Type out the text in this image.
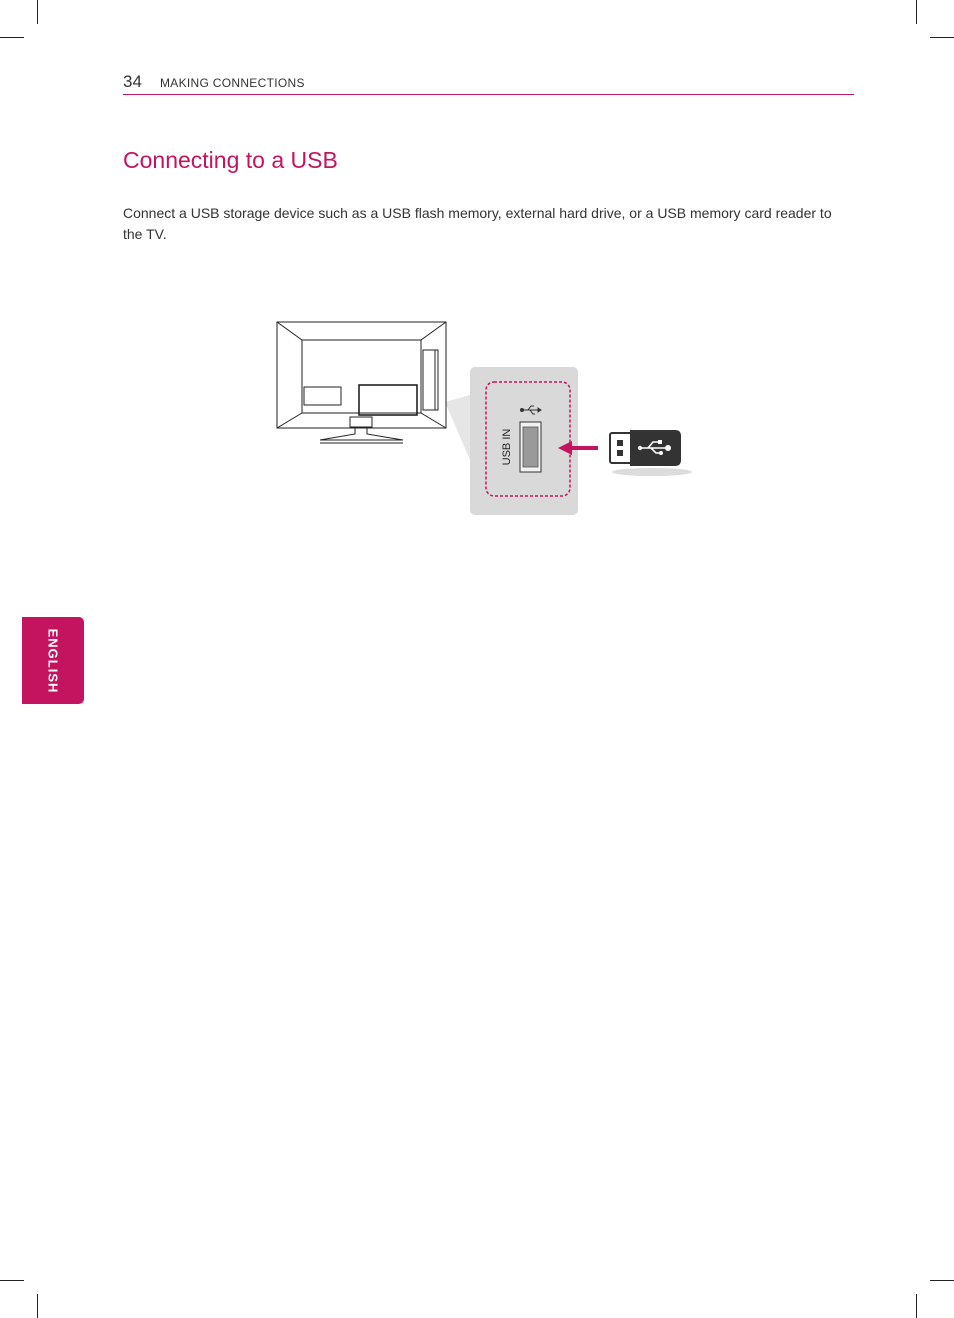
34 MAKING CONNECTIONS
Connecting to a USB

Connect a USB storage device such as a USB flash memory, external hard drive, or a USB memory card reader to the TV.

USB IN
ENGLISH
